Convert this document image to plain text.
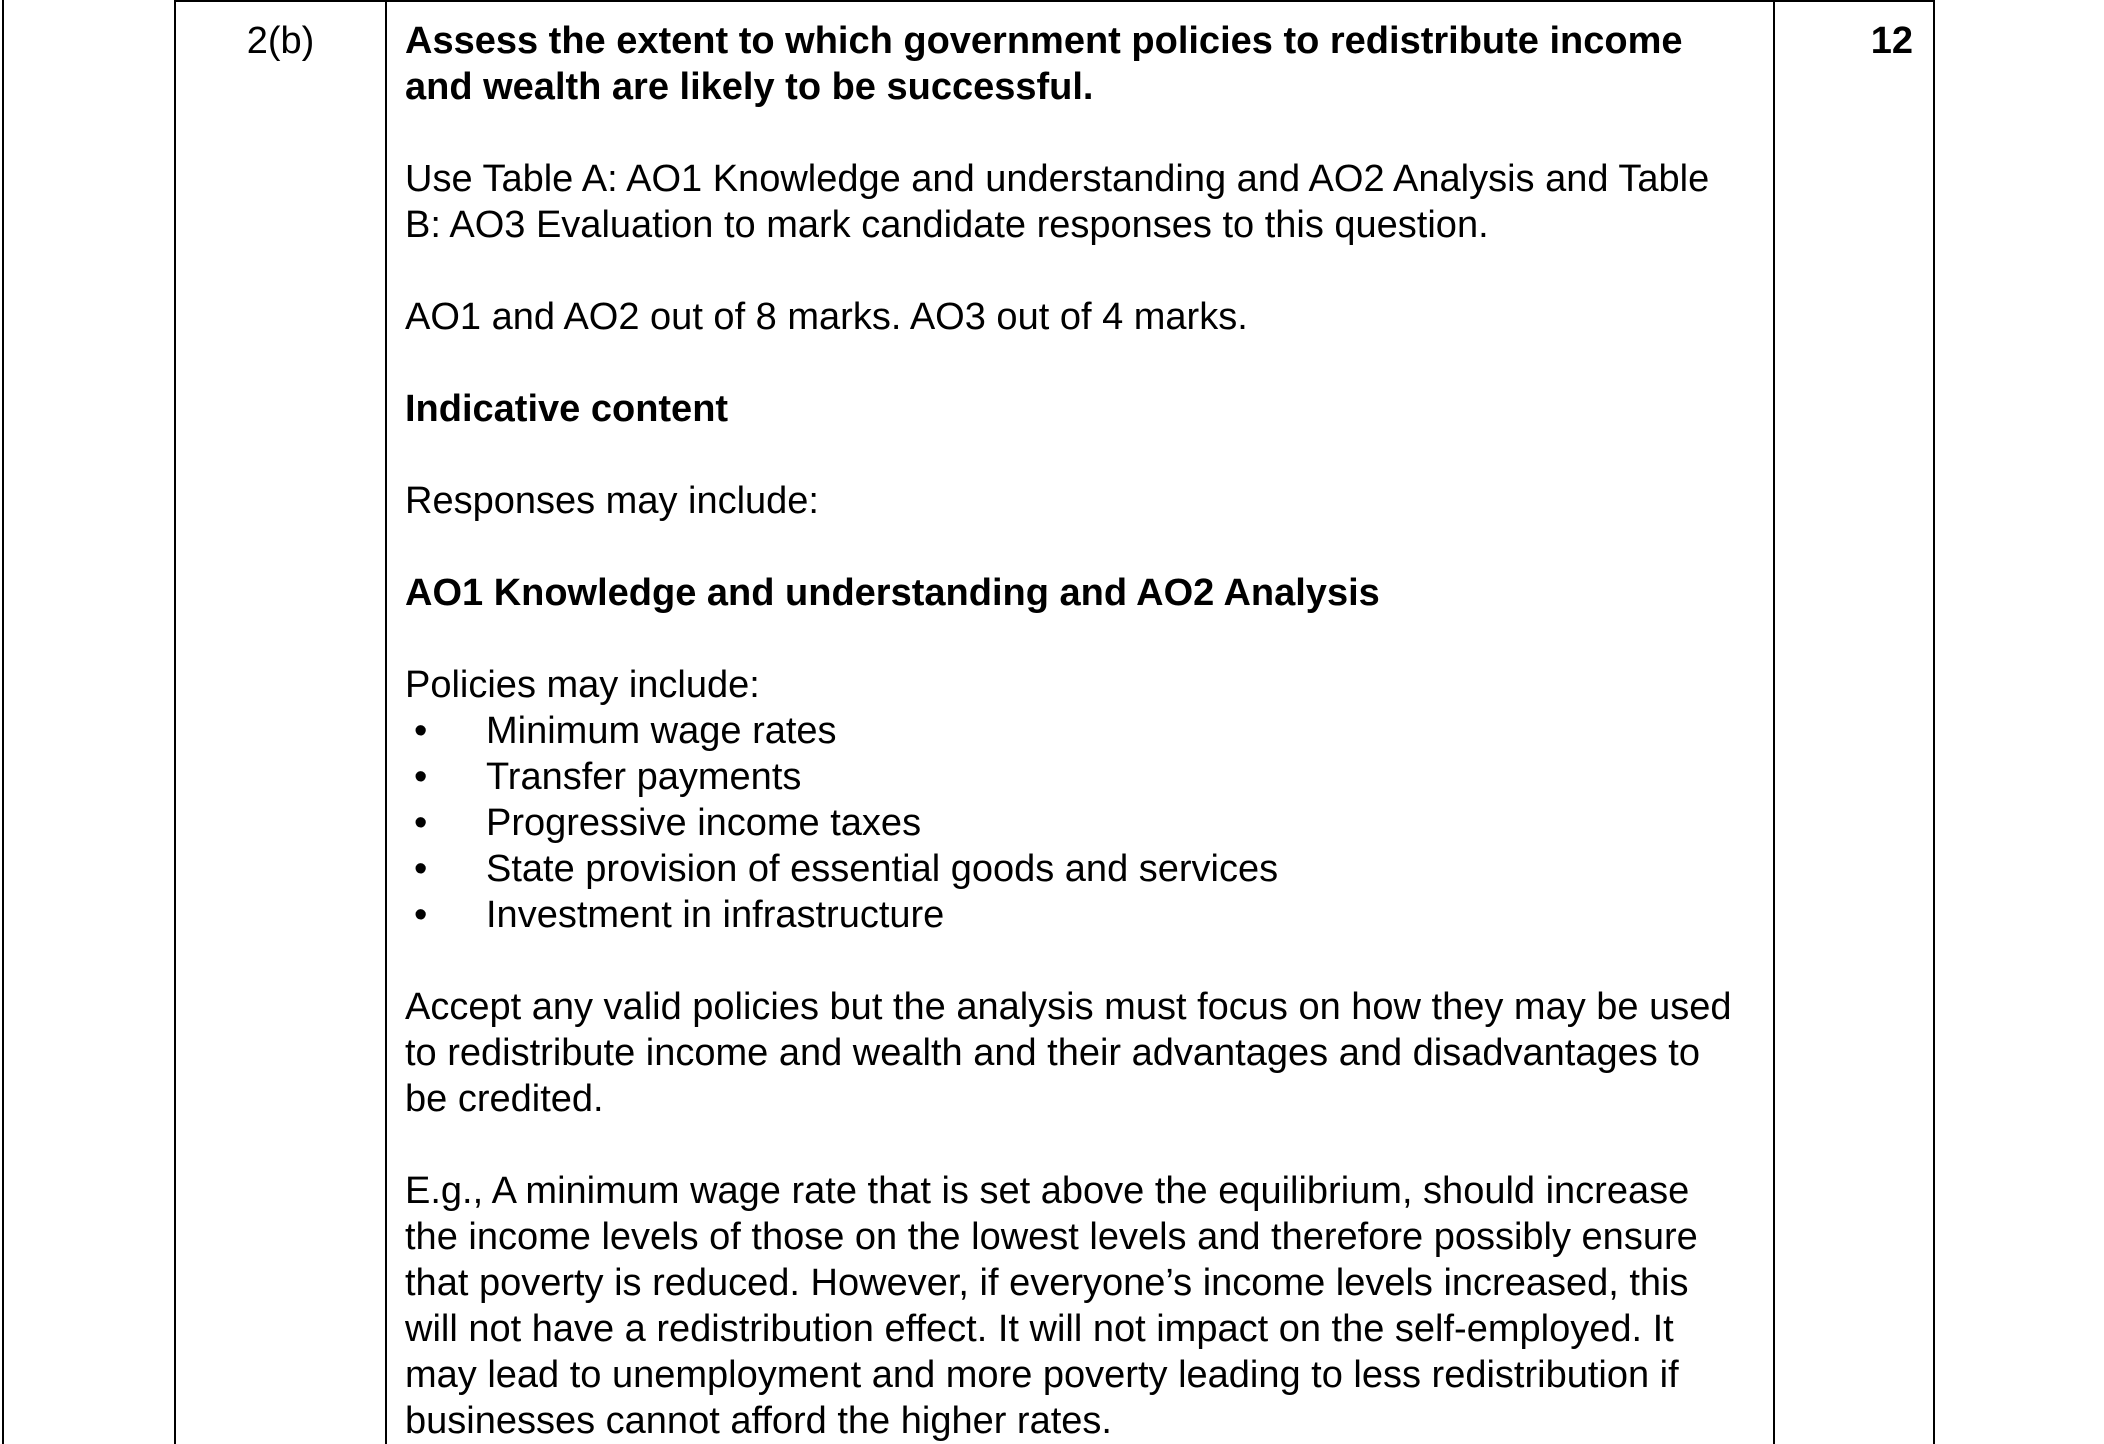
2(b)	Assess the extent to which government policies to redistribute income and wealth are likely to be successful.

Use Table A: AO1 Knowledge and understanding and AO2 Analysis and Table B: AO3 Evaluation to mark candidate responses to this question.

AO1 and AO2 out of 8 marks. AO3 out of 4 marks.

Indicative content

Responses may include:

AO1 Knowledge and understanding and AO2 Analysis

Policies may include:

• Minimum wage rates
• Transfer payments
• Progressive income taxes
• State provision of essential goods and services
• Investment in infrastructure

Accept any valid policies but the analysis must focus on how they may be used to redistribute income and wealth and their advantages and disadvantages to be credited.

E.g., A minimum wage rate that is set above the equilibrium, should increase the income levels of those on the lowest levels and therefore possibly ensure that poverty is reduced. However, if everyone’s income levels increased, this will not have a redistribution effect. It will not impact on the self-employed. It may lead to unemployment and more poverty leading to less redistribution if businesses cannot afford the higher rates.

12
